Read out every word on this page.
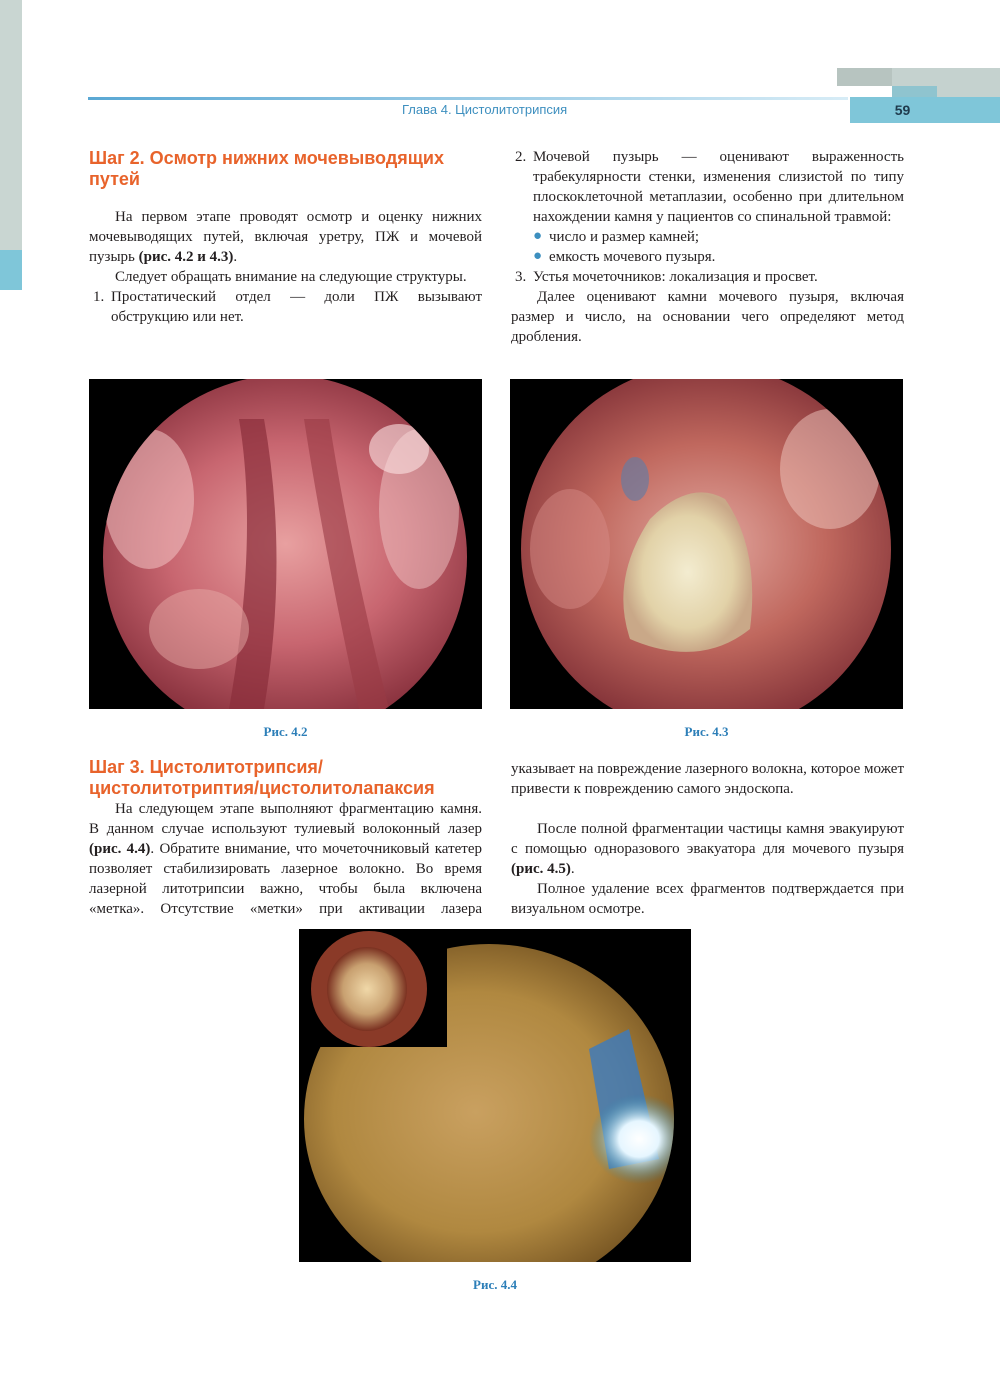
Глава 4. Цистолитотрипсия	59
Шаг 2. Осмотр нижних мочевыводящих путей

На первом этапе проводят осмотр и оценку нижних мочевыводящих путей, включая уретру, ПЖ и мочевой пузырь (рис. 4.2 и 4.3).

Следует обращать внимание на следующие структуры.

1. Простатический отдел — доли ПЖ вызывают обструкцию или нет.
2. Мочевой пузырь — оценивают выраженность трабекулярности стенки, изменения слизистой по типу плоскоклеточной метаплазии, особенно при длительном нахождении камня у пациентов со спинальной травмой:
● число и размер камней;
● емкость мочевого пузыря.
3. Устья мочеточников: локализация и просвет.

Далее оценивают камни мочевого пузыря, включая размер и число, на основании чего определяют метод дробления.

Рис. 4.2	Рис. 4.3
Шаг 3. Цистолитотрипсия/цистолитотриптия/цистолитолапаксия

На следующем этапе выполняют фрагментацию камня. В данном случае используют тулиевый волоконный лазер (рис. 4.4). Обратите внимание, что мочеточниковый катетер позволяет стабилизировать лазерное волокно. Во время лазерной литотрипсии важно, чтобы была включена «метка». Отсутствие «метки» при активации лазера

указывает на повреждение лазерного волокна, которое может привести к повреждению самого эндоскопа.

После полной фрагментации частицы камня эвакуируют с помощью одноразового эвакуатора для мочевого пузыря (рис. 4.5).

Полное удаление всех фрагментов подтверждается при визуальном осмотре.

Рис. 4.4
